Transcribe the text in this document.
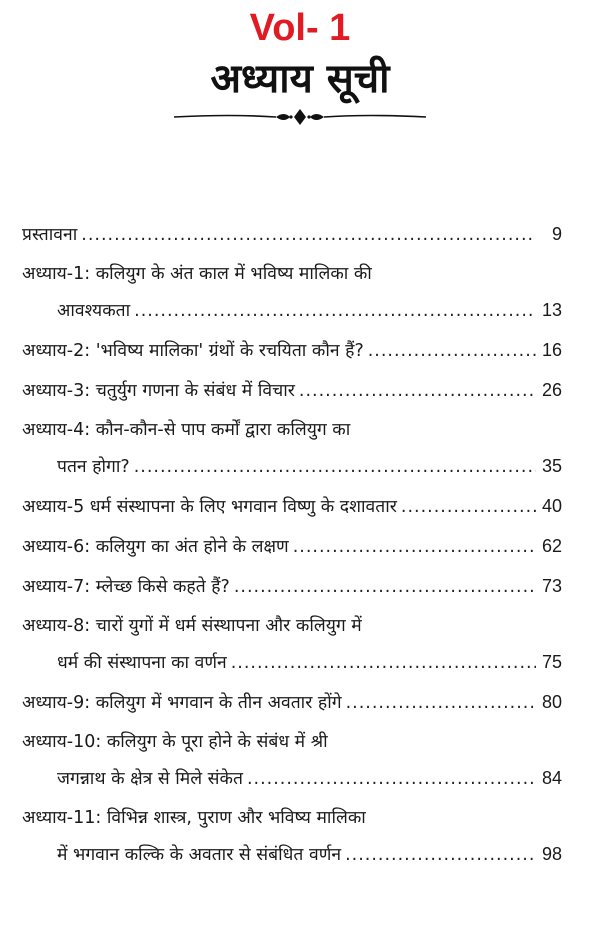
Vol- 1
अध्याय सूची
प्रस्तावना .....	9
अध्याय-1: कलियुग के अंत काल में भविष्य मालिका की
आवश्यकता .....	13
अध्याय-2: 'भविष्य मालिका' ग्रंथों के रचयिता कौन हैं? .....	16
अध्याय-3: चतुर्युग गणना के संबंध में विचार .....	26
अध्याय-4: कौन-कौन-से पाप कर्मों द्वारा कलियुग का
पतन होगा? .....	35
अध्याय-5 धर्म संस्थापना के लिए भगवान विष्णु के दशावतार .....	40
अध्याय-6: कलियुग का अंत होने के लक्षण .....	62
अध्याय-7: म्लेच्छ किसे कहते हैं? .....	73
अध्याय-8: चारों युगों में धर्म संस्थापना और कलियुग में
धर्म की संस्थापना का वर्णन .....	75
अध्याय-9: कलियुग में भगवान के तीन अवतार होंगे .....	80
अध्याय-10: कलियुग के पूरा होने के संबंध में श्री
जगन्नाथ के क्षेत्र से मिले संकेत .....	84
अध्याय-11: विभिन्न शास्त्र, पुराण और भविष्य मालिका
में भगवान कल्कि के अवतार से संबंधित वर्णन .....	98
